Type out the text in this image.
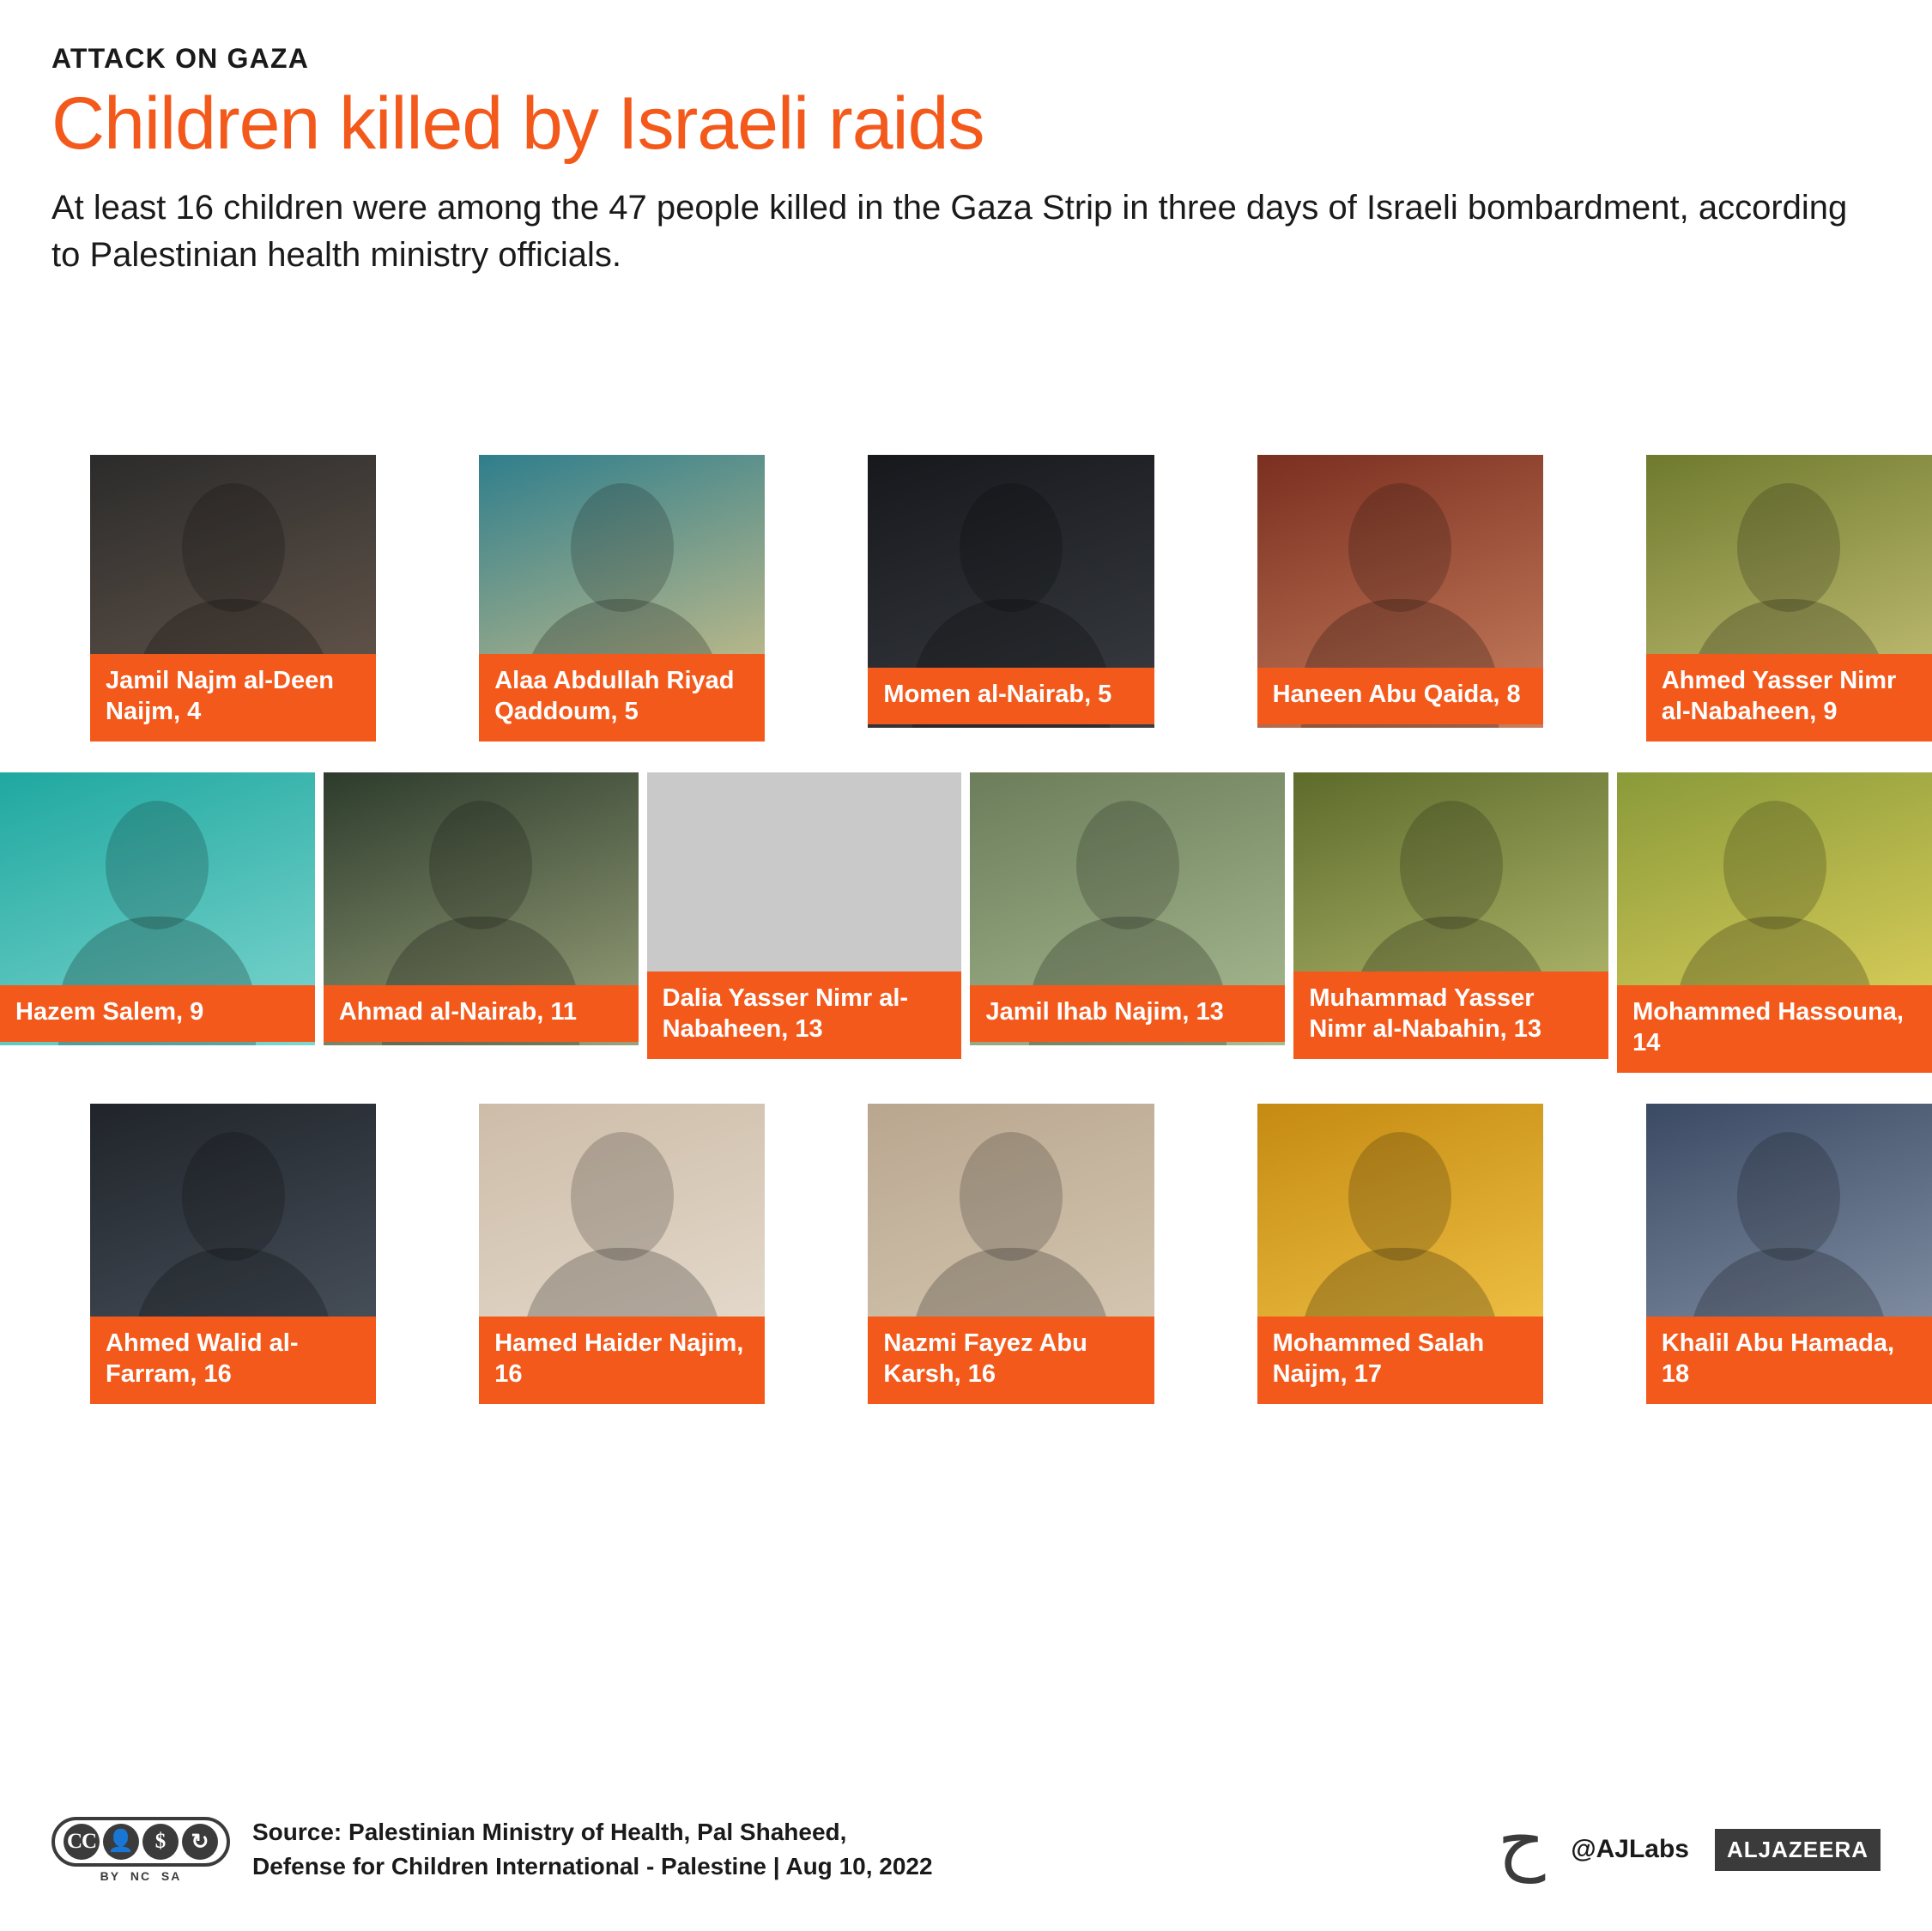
ATTACK ON GAZA
Children killed by Israeli raids
At least 16 children were among the 47 people killed in the Gaza Strip in three days of Israeli bombardment, according to Palestinian health ministry officials.
Jamil Najm al-Deen Naijm, 4
Alaa Abdullah Riyad Qaddoum, 5
Momen al-Nairab, 5	Haneen Abu Qaida, 8	Ahmed Yasser Nimr al-Nabaheen, 9
Hazem Salem, 9	Ahmad al-Nairab, 11	Dalia Yasser Nimr al-Nabaheen, 13
Jamil Ihab Najim, 13	Muhammad Yasser Nimr al-Nabahin, 13
Mohammed Hassouna, 14
Ahmed Walid al-Farram, 16
Hamed Haider Najim, 16
Nazmi Fayez Abu Karsh, 16
Mohammed Salah Naijm, 17
Khalil Abu Hamada, 18
CC 👤 $	↻
BY  NC  SA
Source: Palestinian Ministry of Health, Pal Shaheed,
Defense for Children International - Palestine | Aug 10, 2022	ح @AJLabs	ALJAZEERA
